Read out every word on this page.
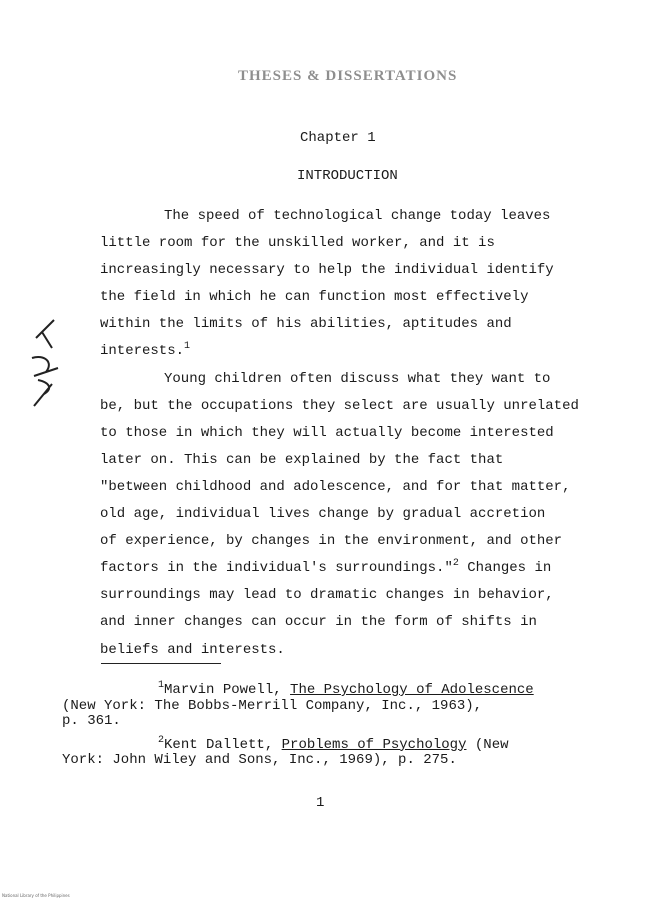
THESES & DISSERTATIONS
Chapter 1
INTRODUCTION
The speed of technological change today leaves
little room for the unskilled worker, and it is
increasingly necessary to help the individual identify
the field in which he can function most effectively
within the limits of his abilities, aptitudes and
interests.$^1$
Young children often discuss what they want to
be, but the occupations they select are usually unrelated
to those in which they will actually become interested
later on. This can be explained by the fact that
"between childhood and adolescence, and for that matter,
old age, individual lives change by gradual accretion
of experience, by changes in the environment, and other
factors in the individual's surroundings."$^2$ Changes in
surroundings may lead to dramatic changes in behavior,
and inner changes can occur in the form of shifts in
beliefs and interests.
$^1$Marvin Powell, The Psychology of Adolescence
(New York: The Bobbs-Merrill Company, Inc., 1963),
p. 361.
$^2$Kent Dallett, Problems of Psychology (New
York: John Wiley and Sons, Inc., 1969), p. 275.
1
National Library of the Philippines
